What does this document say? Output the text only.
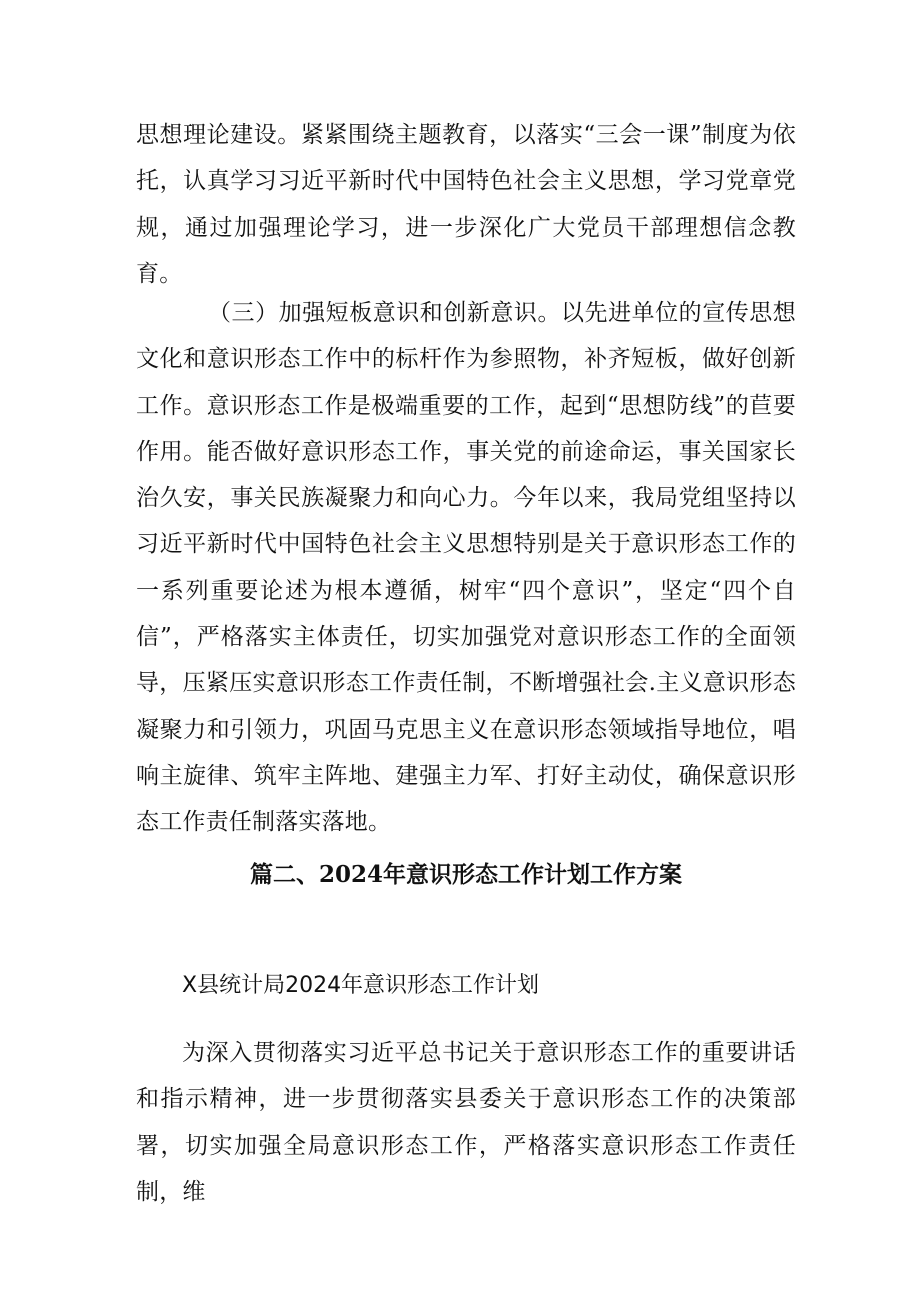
思想理论建设。紧紧围绕主题教育，以落实“三会一课”制度为依托，认真学习习近平新时代中国特色社会主义思想，学习党章党规，通过加强理论学习，进一步深化广大党员干部理想信念教育。

（三）加强短板意识和创新意识。以先进单位的宣传思想文化和意识形态工作中的标杆作为参照物，补齐短板，做好创新工作。意识形态工作是极端重要的工作，起到“思想防线”的苣要作用。能否做好意识形态工作，事关党的前途命运，事关国家长治久安，事关民族凝聚力和向心力。今年以来，我局党组坚持以习近平新时代中国特色社会主义思想特别是关于意识形态工作的一系列重要论述为根本遵循，树牢“四个意识”，坚定“四个自信”，严格落实主体责任，切实加强党对意识形态工作的全面领导，压紧压实意识形态工作责任制，不断增强社会.主义意识形态凝聚力和引领力，巩固马克思主义在意识形态领域指导地位，唱响主旋律、筑牢主阵地、建强主力军、打好主动仗，确保意识形态工作责任制落实落地。

篇二、2024年意识形态工作计划工作方案

X县统计局2024年意识形态工作计划

为深入贯彻落实习近平总书记关于意识形态工作的重要讲话和指示精神，进一步贯彻落实县委关于意识形态工作的决策部署，切实加强全局意识形态工作，严格落实意识形态工作责任制，维
